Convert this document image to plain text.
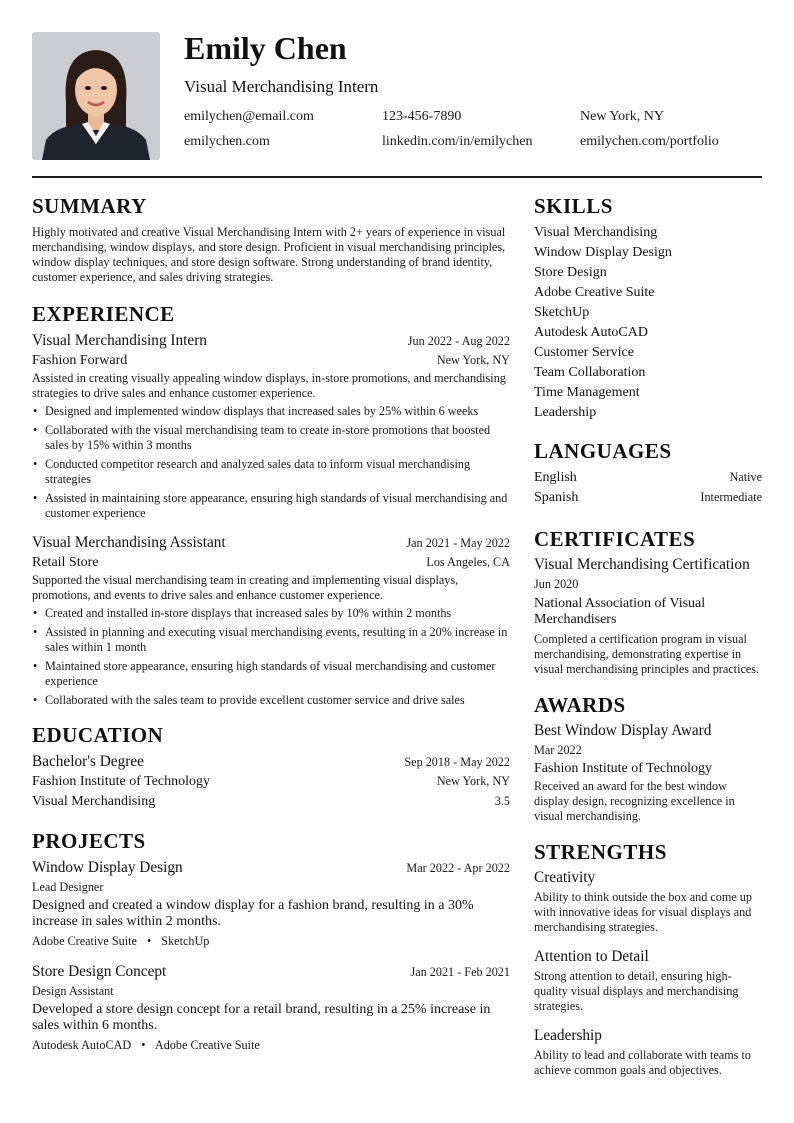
Emily Chen
Visual Merchandising Intern
emilychen@email.com	123-456-7890	New York, NY
emilychen.com	linkedin.com/in/emilychen	emilychen.com/portfolio
SUMMARY
Highly motivated and creative Visual Merchandising Intern with 2+ years of experience in visual merchandising, window displays, and store design. Proficient in visual merchandising principles, window display techniques, and store design software. Strong understanding of brand identity, customer experience, and sales driving strategies.
EXPERIENCE
Visual Merchandising Intern	Jun 2022 - Aug 2022
Fashion Forward	New York, NY
Assisted in creating visually appealing window displays, in-store promotions, and merchandising strategies to drive sales and enhance customer experience.
• Designed and implemented window displays that increased sales by 25% within 6 weeks
• Collaborated with the visual merchandising team to create in-store promotions that boosted sales by 15% within 3 months
• Conducted competitor research and analyzed sales data to inform visual merchandising strategies
• Assisted in maintaining store appearance, ensuring high standards of visual merchandising and customer experience
Visual Merchandising Assistant	Jan 2021 - May 2022
Retail Store	Los Angeles, CA
Supported the visual merchandising team in creating and implementing visual displays, promotions, and events to drive sales and enhance customer experience.
• Created and installed in-store displays that increased sales by 10% within 2 months
• Assisted in planning and executing visual merchandising events, resulting in a 20% increase in sales within 1 month
• Maintained store appearance, ensuring high standards of visual merchandising and customer experience
• Collaborated with the sales team to provide excellent customer service and drive sales
EDUCATION
Bachelor's Degree	Sep 2018 - May 2022
Fashion Institute of Technology	New York, NY
Visual Merchandising	3.5
PROJECTS
Window Display Design	Mar 2022 - Apr 2022
Lead Designer
Designed and created a window display for a fashion brand, resulting in a 30% increase in sales within 2 months.
Adobe Creative Suite • SketchUp
Store Design Concept	Jan 2021 - Feb 2021
Design Assistant
Developed a store design concept for a retail brand, resulting in a 25% increase in sales within 6 months.
Autodesk AutoCAD • Adobe Creative Suite
SKILLS
Visual Merchandising
Window Display Design
Store Design
Adobe Creative Suite
SketchUp
Autodesk AutoCAD
Customer Service
Team Collaboration
Time Management
Leadership
LANGUAGES
English	Native
Spanish	Intermediate
CERTIFICATES
Visual Merchandising Certification
Jun 2020
National Association of Visual Merchandisers
Completed a certification program in visual merchandising, demonstrating expertise in visual merchandising principles and practices.
AWARDS
Best Window Display Award
Mar 2022
Fashion Institute of Technology
Received an award for the best window display design, recognizing excellence in visual merchandising.
STRENGTHS
Creativity
Ability to think outside the box and come up with innovative ideas for visual displays and merchandising strategies.
Attention to Detail
Strong attention to detail, ensuring high-quality visual displays and merchandising strategies.
Leadership
Ability to lead and collaborate with teams to achieve common goals and objectives.
